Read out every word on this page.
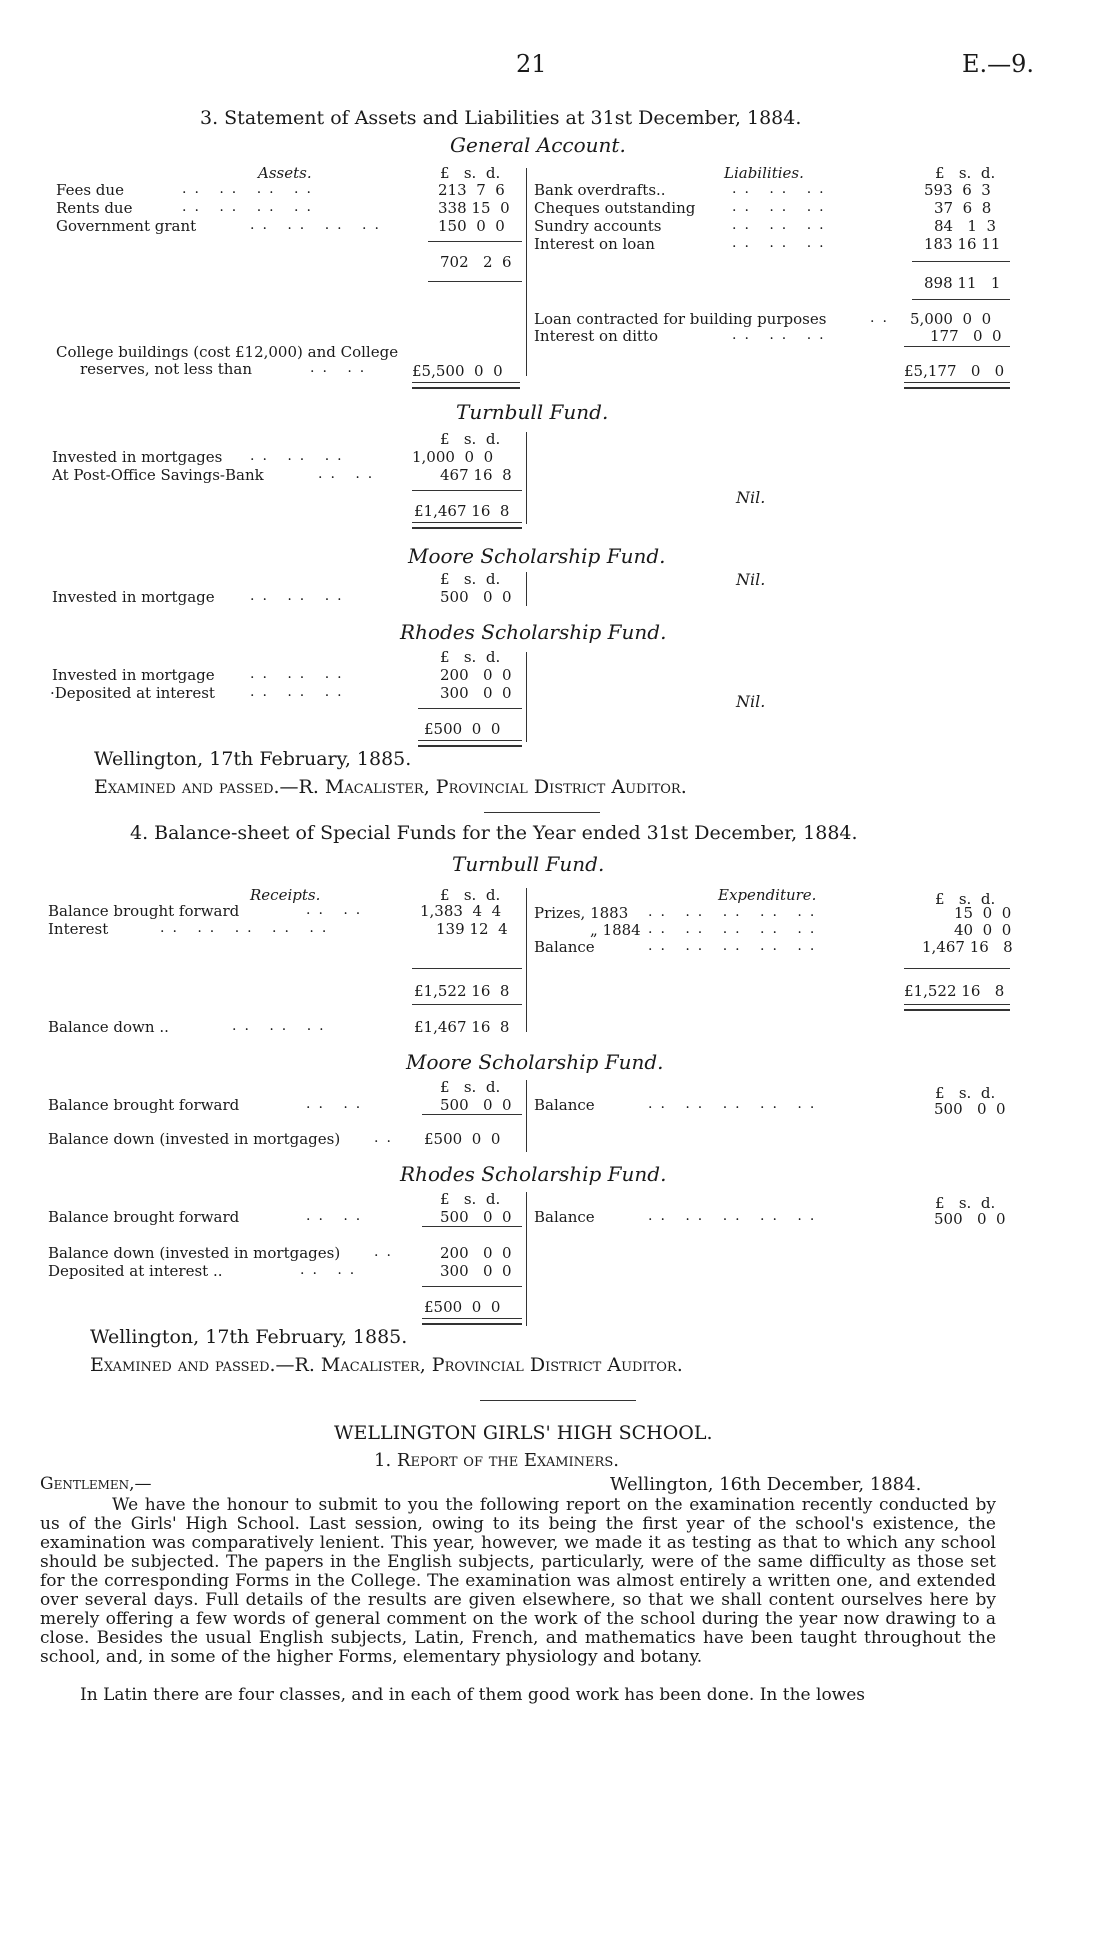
21	E.—9.
3. Statement of Assets and Liabilities at 31st December, 1884.
General Account.
Assets.	Liabilities.
£ s. d.	£ s. d.
Fees due	.. .. .. ..	213 7 6
Rents due	.. .. .. ..	338 15 0
Government grant	.. .. .. ..	150 0 0
702 2 6
Bank overdrafts..	.. .. ..	593 6 3
Cheques outstanding	.. .. ..	37 6 8
Sundry accounts	.. .. ..	84 1 3
Interest on loan	.. .. ..	183 16 11
898 11 1
Loan contracted for building purposes	.. 5,000 0 0
Interest on ditto	.. .. ..	177 0 0
College buildings (cost £12,000) and College
reserves, not less than	.. ..	£5,500 0 0	£5,177 0 0
Turnbull Fund.
£ s. d.
Invested in mortgages .. .. ..	1,000 0 0
At Post-Office Savings-Bank	.. ..	467 16 8
£1,467 16 8
Nil.
Moore Scholarship Fund.
£ s. d.
Invested in mortgage	.. .. ..	500 0 0
Nil.
Rhodes Scholarship Fund.
£ s. d.
Invested in mortgage	.. .. ..	200 0 0
·Deposited at interest	.. .. ..	300 0 0
£500 0 0
Nil.
Wellington, 17th February, 1885.
Examined and passed.—R. Macalister, Provincial District Auditor.
4. Balance-sheet of Special Funds for the Year ended 31st December, 1884.
Turnbull Fund.
Receipts.	Expenditure.
£ s. d.	£ s. d.
Balance brought forward	.. ..	1,383 4 4
Interest	.. .. .. .. ..	139 12 4
Prizes, 1883 .. .. .. .. ..	15 0 0
„ 1884 .. .. .. .. ..	40 0 0
Balance	.. .. .. .. ..	1,467 16 8
£1,522 16 8	£1,522 16 8
Balance down ..	.. .. ..	£1,467 16 8
Moore Scholarship Fund.
£ s. d.	£ s. d.
Balance brought forward	.. ..	500 0 0 Balance	.. .. .. .. ..	500 0 0
Balance down (invested in mortgages) .. £500 0 0
Rhodes Scholarship Fund.
£ s. d.	£ s. d.
Balance brought forward	.. ..	500 0 0 Balance	.. .. .. .. ..	500 0 0
Balance down (invested in mortgages) ..	200 0 0
Deposited at interest ..	.. ..	300 0 0
£500 0 0
Wellington, 17th February, 1885.
Examined and passed.—R. Macalister, Provincial District Auditor.
WELLINGTON GIRLS' HIGH SCHOOL.
1. Report of the Examiners.
Gentlemen,—	Wellington, 16th December, 1884.
We have the honour to submit to you the following report on the examination recently conducted by us of the Girls' High School. Last session, owing to its being the first year of the school's existence, the examination was comparatively lenient. This year, however, we made it as testing as that to which any school should be subjected. The papers in the English subjects, particularly, were of the same difficulty as those set for the corresponding Forms in the College. The examination was almost entirely a written one, and extended over several days. Full details of the results are given elsewhere, so that we shall content ourselves here by merely offering a few words of general comment on the work of the school during the year now drawing to a close. Besides the usual English subjects, Latin, French, and mathematics have been taught throughout the school, and, in some of the higher Forms, elementary physiology and botany.
In Latin there are four classes, and in each of them good work has been done. In the lowes
